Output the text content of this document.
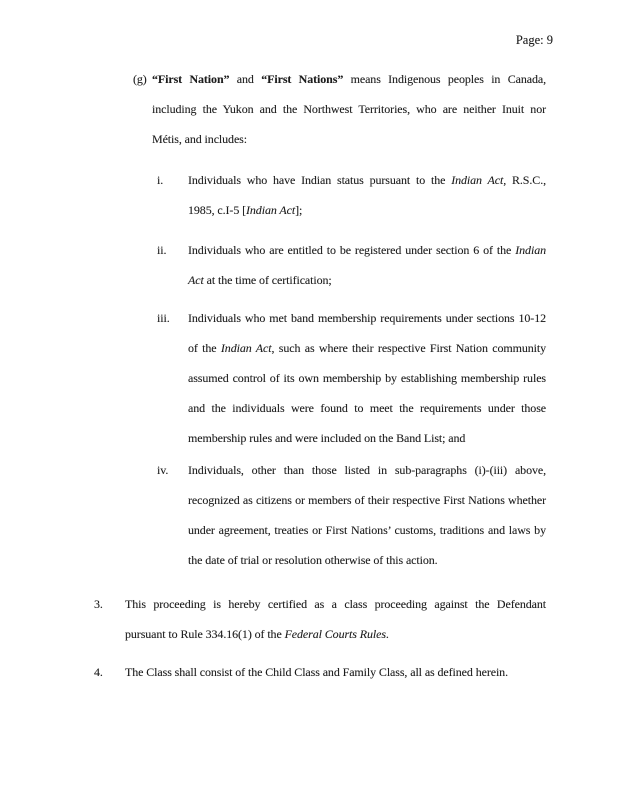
Page: 9
(g) “First Nation” and “First Nations” means Indigenous peoples in Canada,
including the Yukon and the Northwest Territories, who are neither Inuit nor
Métis, and includes:
i. Individuals who have Indian status pursuant to the Indian Act, R.S.C.,
1985, c.I-5 [Indian Act];
ii. Individuals who are entitled to be registered under section 6 of the Indian
Act at the time of certification;
iii. Individuals who met band membership requirements under sections 10-12
of the Indian Act, such as where their respective First Nation community
assumed control of its own membership by establishing membership rules
and the individuals were found to meet the requirements under those
membership rules and were included on the Band List; and
iv. Individuals, other than those listed in sub-paragraphs (i)-(iii) above,
recognized as citizens or members of their respective First Nations whether
under agreement, treaties or First Nations’ customs, traditions and laws by
the date of trial or resolution otherwise of this action.
3. This proceeding is hereby certified as a class proceeding against the Defendant
pursuant to Rule 334.16(1) of the Federal Courts Rules.
4. The Class shall consist of the Child Class and Family Class, all as defined herein.
